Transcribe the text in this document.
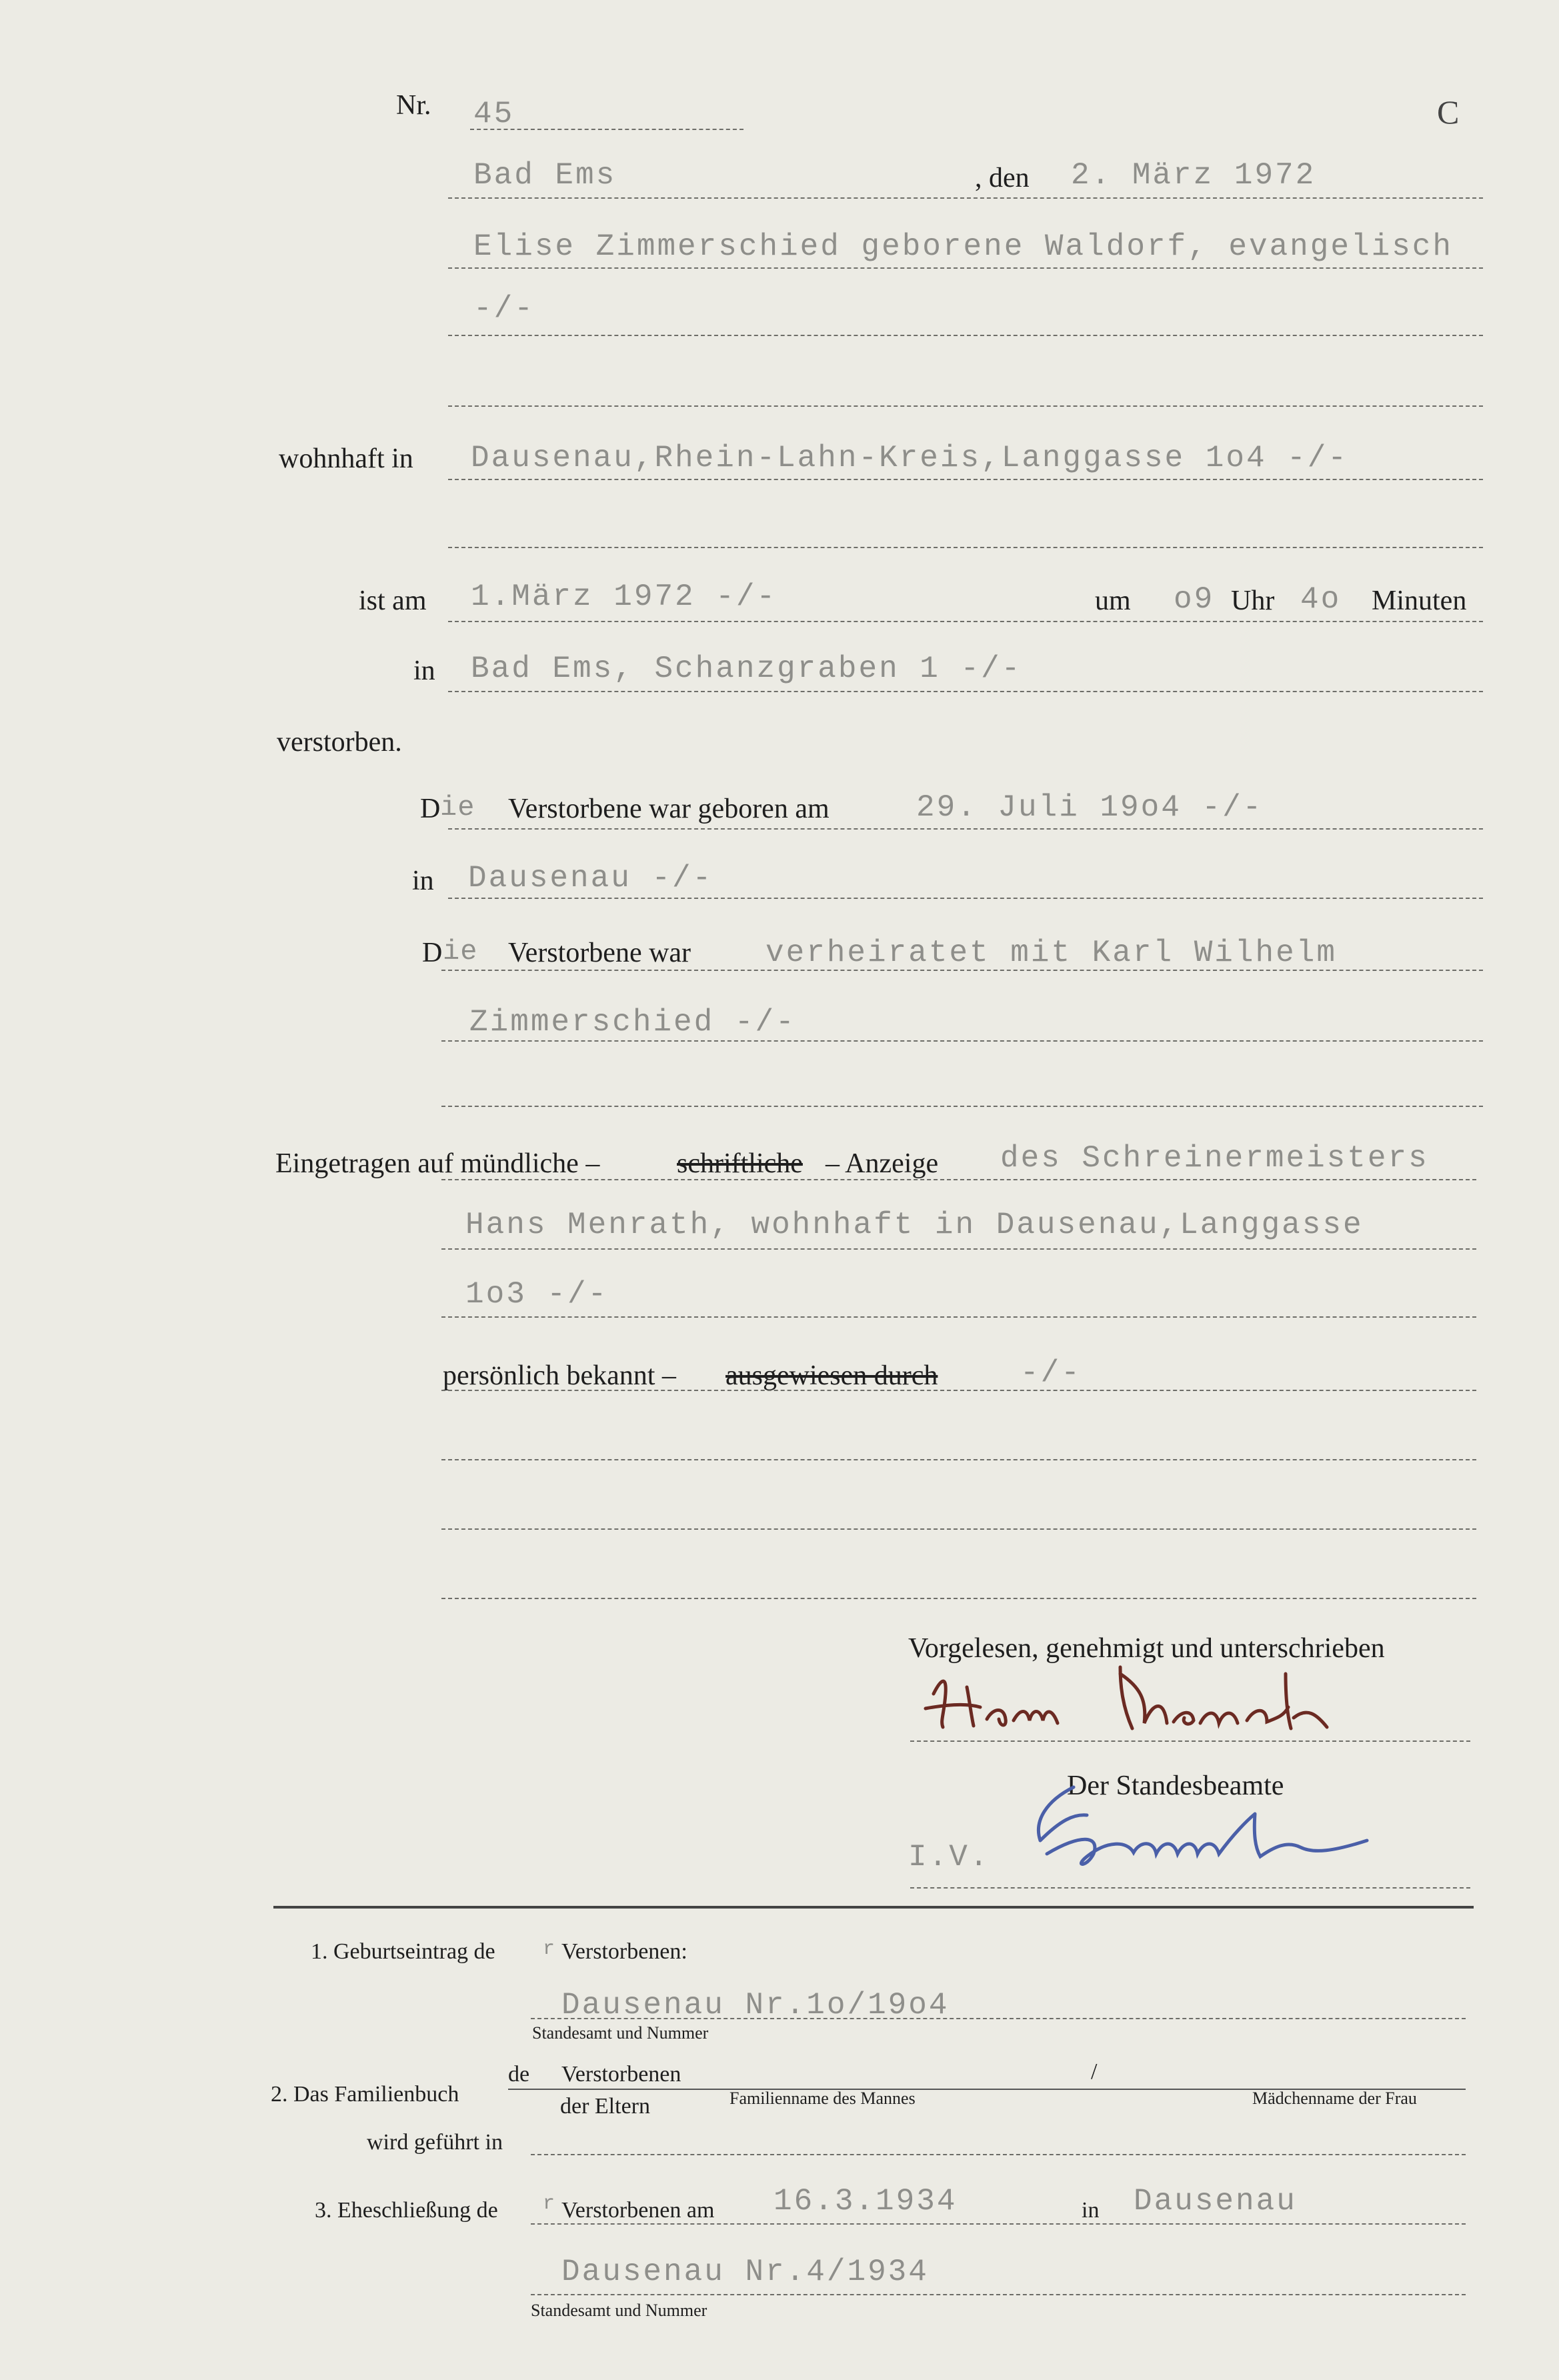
Nr. 45	C
Bad Ems	, den 2. März 1972
Elise Zimmerschied geborene Waldorf, evangelisch
-/-
wohnhaft in Dausenau,Rhein-Lahn-Kreis,Langgasse 1o4 -/-
ist am 1.März 1972 -/-	um o9 Uhr 4o Minuten
in Bad Ems, Schanzgraben 1 -/-
verstorben.
D ie Verstorbene war geboren am	29. Juli 19o4 -/-
in Dausenau -/-
D ie Verstorbene war verheiratet mit Karl Wilhelm
Zimmerschied -/-
Eingetragen auf mündliche –	schriftliche – Anzeige des Schreinermeisters
Hans Menrath, wohnhaft in Dausenau,Langgasse
1o3 -/-
persönlich bekannt – ausgewiesen durch	-/-
Vorgelesen, genehmigt und unterschrieben
Der Standesbeamte
I.V.
1. Geburtseintrag de r Verstorbenen:
Dausenau Nr.1o/19o4
Standesamt und Nummer
2. Das Familienbuch
de Verstorbenen
der Eltern
/
Familienname des Mannes	Mädchenname der Frau
wird geführt in
3. Eheschließung de r Verstorbenen am 16.3.1934	in Dausenau
Dausenau Nr.4/1934
Standesamt und Nummer
